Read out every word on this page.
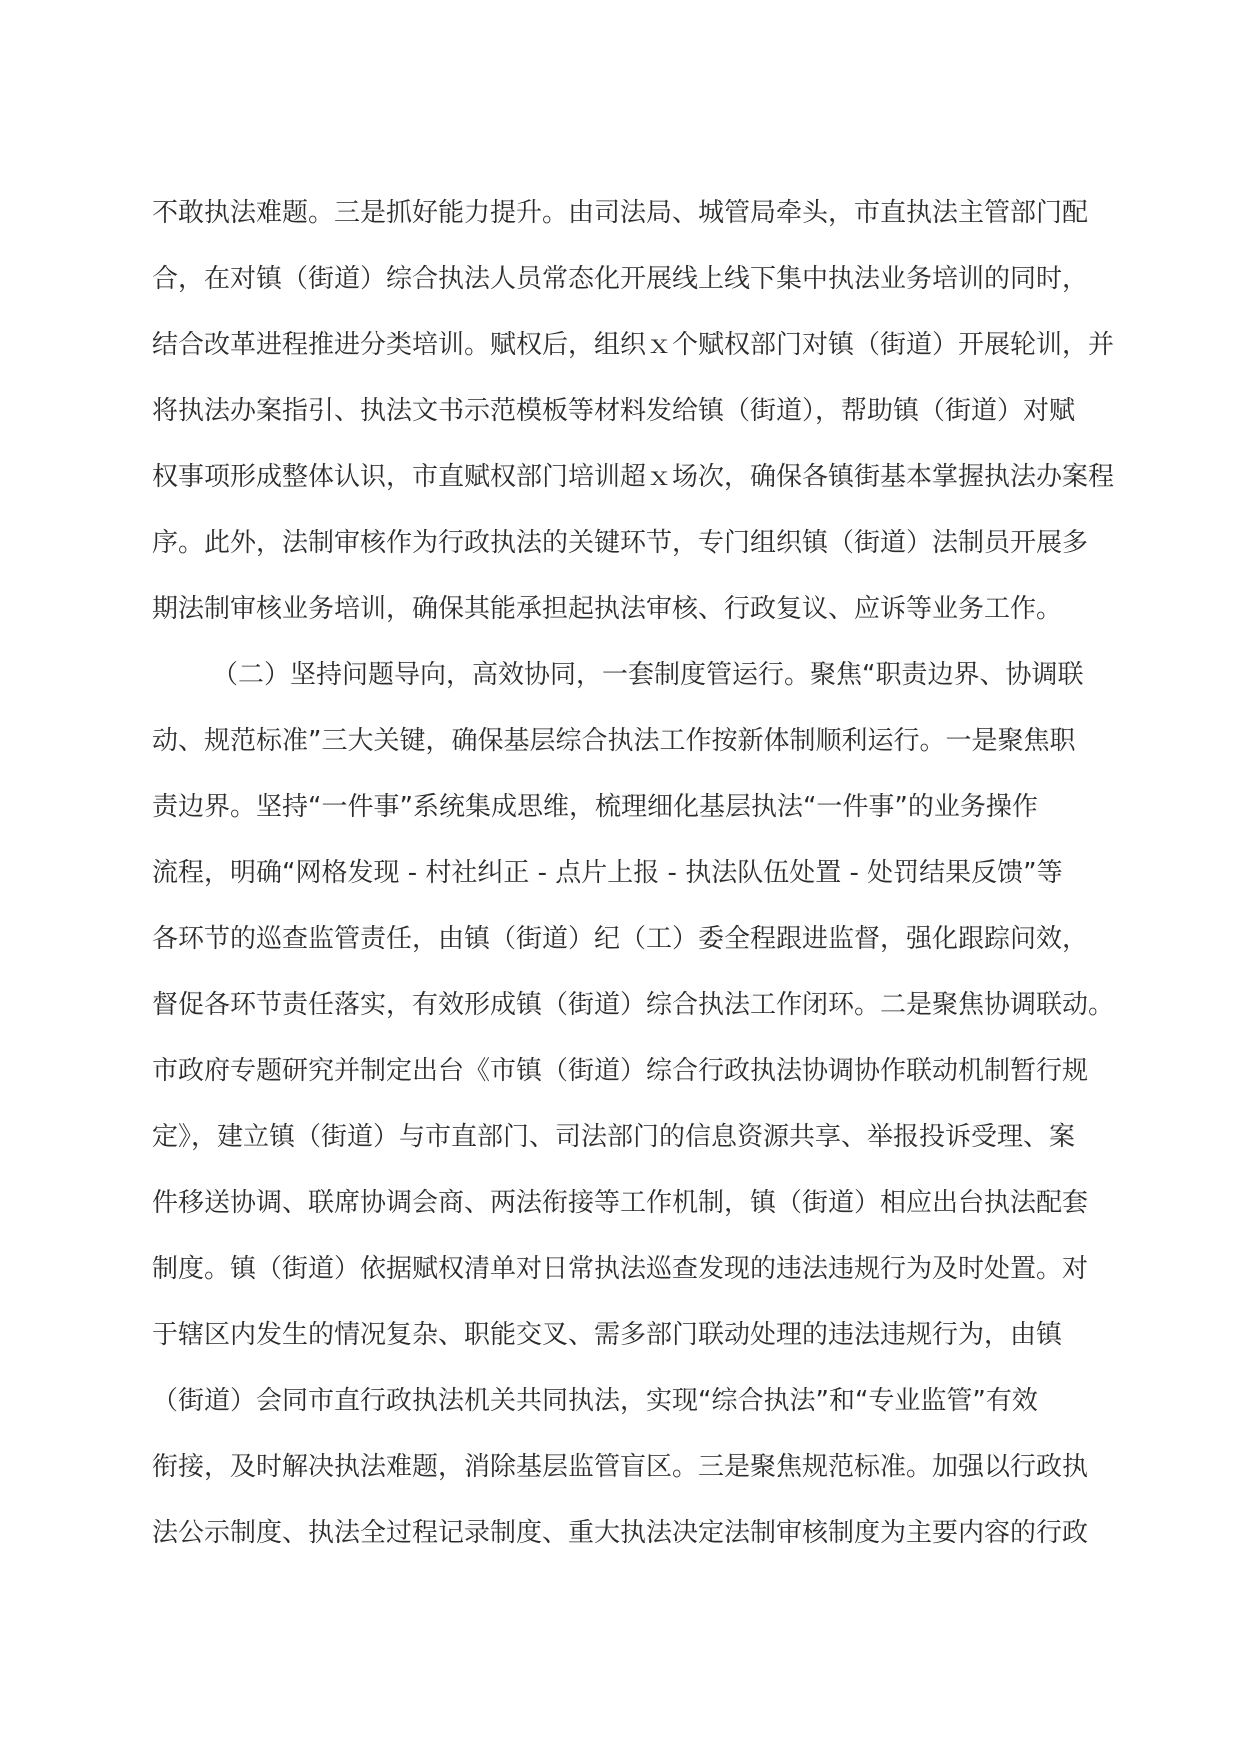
不敢执法难题。三是抓好能力提升。由司法局、城管局牵头，市直执法主管部门配
合，在对镇（街道）综合执法人员常态化开展线上线下集中执法业务培训的同时，
结合改革进程推进分类培训。赋权后，组织ｘ个赋权部门对镇（街道）开展轮训，并
将执法办案指引、执法文书示范模板等材料发给镇（街道），帮助镇（街道）对赋
权事项形成整体认识，市直赋权部门培训超ｘ场次，确保各镇街基本掌握执法办案程
序。此外，法制审核作为行政执法的关键环节，专门组织镇（街道）法制员开展多
期法制审核业务培训，确保其能承担起执法审核、行政复议、应诉等业务工作。
（二）坚持问题导向，高效协同，一套制度管运行。聚焦“职责边界、协调联
动、规范标准”三大关键，确保基层综合执法工作按新体制顺利运行。一是聚焦职
责边界。坚持“一件事”系统集成思维，梳理细化基层执法“一件事”的业务操作
流程，明确“网格发现 - 村社纠正 - 点片上报 - 执法队伍处置 - 处罚结果反馈”等
各环节的巡查监管责任，由镇（街道）纪（工）委全程跟进监督，强化跟踪问效，
督促各环节责任落实，有效形成镇（街道）综合执法工作闭环。二是聚焦协调联动。
市政府专题研究并制定出台《市镇（街道）综合行政执法协调协作联动机制暂行规
定》，建立镇（街道）与市直部门、司法部门的信息资源共享、举报投诉受理、案
件移送协调、联席协调会商、两法衔接等工作机制，镇（街道）相应出台执法配套
制度。镇（街道）依据赋权清单对日常执法巡查发现的违法违规行为及时处置。对
于辖区内发生的情况复杂、职能交叉、需多部门联动处理的违法违规行为，由镇
（街道）会同市直行政执法机关共同执法，实现“综合执法”和“专业监管”有效
衔接，及时解决执法难题，消除基层监管盲区。三是聚焦规范标准。加强以行政执
法公示制度、执法全过程记录制度、重大执法决定法制审核制度为主要内容的行政
